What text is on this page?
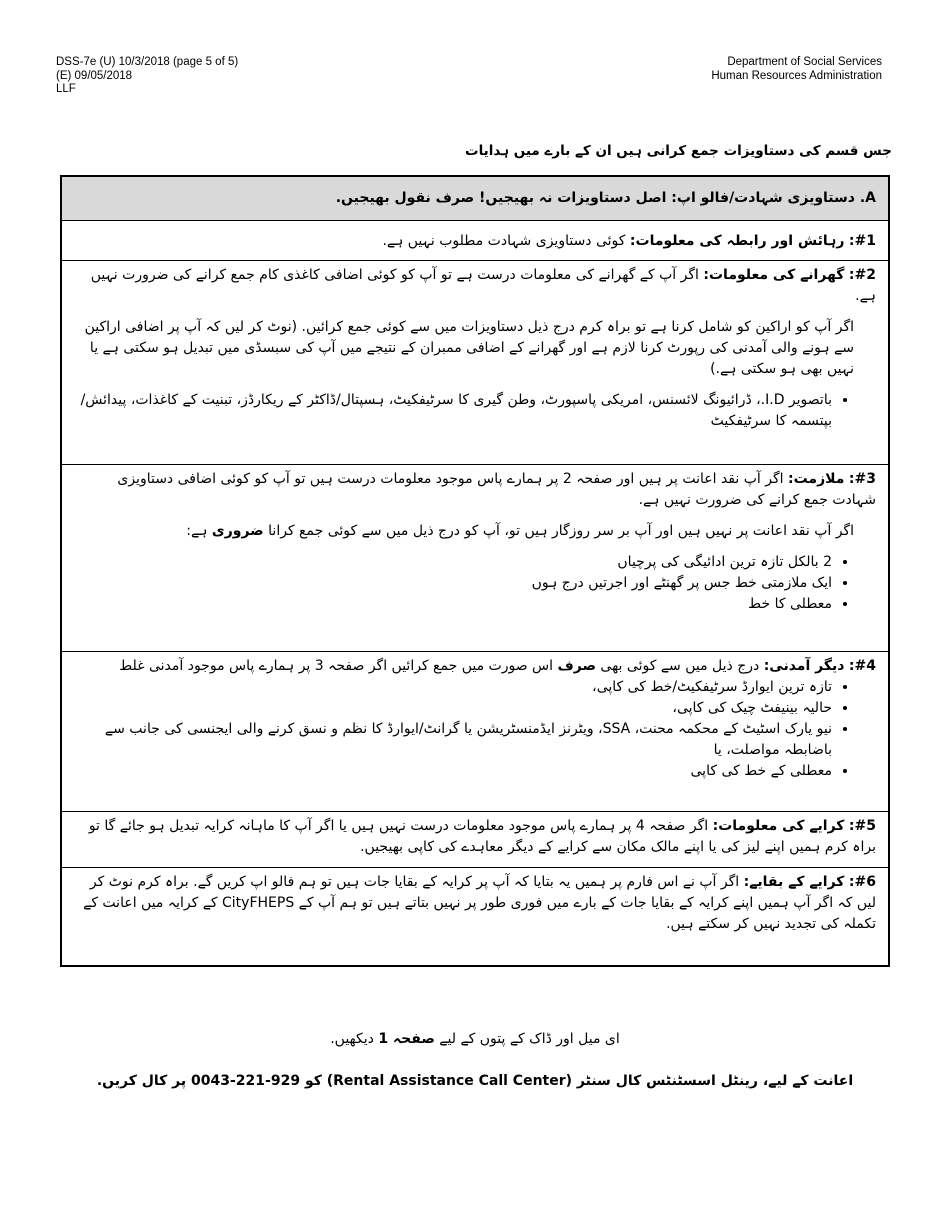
DSS-7e (U) 10/3/2018 (page 5 of 5)
(E) 09/05/2018
LLF
Department of Social Services
Human Resources Administration
جس قسم کی دستاویزات جمع کرانی ہیں ان کے بارے میں ہدایات
A. دستاویزی شہادت/فالو اپ: اصل دستاویزات نہ بھیجیں! صرف نقول بھیجیں.
#1: رہائش اور رابطہ کی معلومات: کوئی دستاویزی شہادت مطلوب نہیں ہے.

#2: گھرانے کی معلومات: اگر آپ کے گھرانے کی معلومات درست ہے تو آپ کو کوئی اضافی کاغذی کام جمع کرانے کی ضرورت نہیں ہے.

اگر آپ کو اراکین کو شامل کرنا ہے تو براہ کرم درج ذیل دستاویزات میں سے کوئی جمع کرائیں. (نوٹ کر لیں کہ آپ پر اضافی اراکین سے ہونے والی آمدنی کی رپورٹ کرنا لازم ہے اور گھرانے کے اضافی ممبران کے نتیجے میں آپ کی سبسڈی میں تبدیل ہو سکتی ہے یا نہیں بھی ہو سکتی ہے.)

• باتصویر I.D.، ڈرائیونگ لائسنس، امریکی پاسپورٹ، وطن گیری کا سرٹیفکیٹ، ہسپتال/ڈاکٹر کے ریکارڈز، تبنیت کے کاغذات، پیدائش/بپتسمہ کا سرٹیفکیٹ

#3: ملازمت: اگر آپ نقد اعانت پر ہیں اور صفحہ 2 پر ہمارے پاس موجود معلومات درست ہیں تو آپ کو کوئی اضافی دستاویزی شہادت جمع کرانے کی ضرورت نہیں ہے.

اگر آپ نقد اعانت پر نہیں ہیں اور آپ بر سر روزگار ہیں تو، آپ کو درج ذیل میں سے کوئی جمع کرانا ضروری ہے:

• 2 بالکل تازہ ترین ادائیگی کی پرچیاں
• ایک ملازمتی خط جس پر گھنٹے اور اجرتیں درج ہوں
• معطلی کا خط

#4: دیگر آمدنی: درج ذیل میں سے کوئی بھی صرف اس صورت میں جمع کرائیں اگر صفحہ 3 پر ہمارے پاس موجود آمدنی غلط

• تازہ ترین ایوارڈ سرٹیفکیٹ/خط کی کاپی،
• حالیہ بینیفٹ چیک کی کاپی،
• نیو یارک اسٹیٹ کے محکمہ محنت، SSA، ویٹرنز ایڈمنسٹریشن یا گرانٹ/ایوارڈ کا نظم و نسق کرنے والی ایجنسی کی جانب سے باضابطہ مواصلت، یا
• معطلی کے خط کی کاپی
#5: کرایے کی معلومات: اگر صفحہ 4 پر ہمارے پاس موجود معلومات درست نہیں ہیں یا اگر آپ کا ماہانہ کرایہ تبدیل ہو جائے گا تو براہ کرم ہمیں اپنے لیز کی یا اپنے مالک مکان سے کرایے کے دیگر معاہدے کی کاپی بھیجیں.
#6: کرایے کے بقایے: اگر آپ نے اس فارم پر ہمیں یہ بتایا کہ آپ پر کرایہ کے بقایا جات ہیں تو ہم فالو اپ کریں گے. براہ کرم نوٹ کر لیں کہ اگر آپ ہمیں اپنے کرایہ کے بقایا جات کے بارے میں فوری طور پر نہیں بتاتے ہیں تو ہم آپ کے CityFHEPS کے کرایہ میں اعانت کے تکملہ کی تجدید نہیں کر سکتے ہیں.
ای میل اور ڈاک کے پتوں کے لیے صفحہ 1 دیکھیں.
اعانت کے لیے، رینٹل اسسٹنٹس کال سنٹر (Rental Assistance Call Center) کو 929-221-0043 پر کال کریں.
